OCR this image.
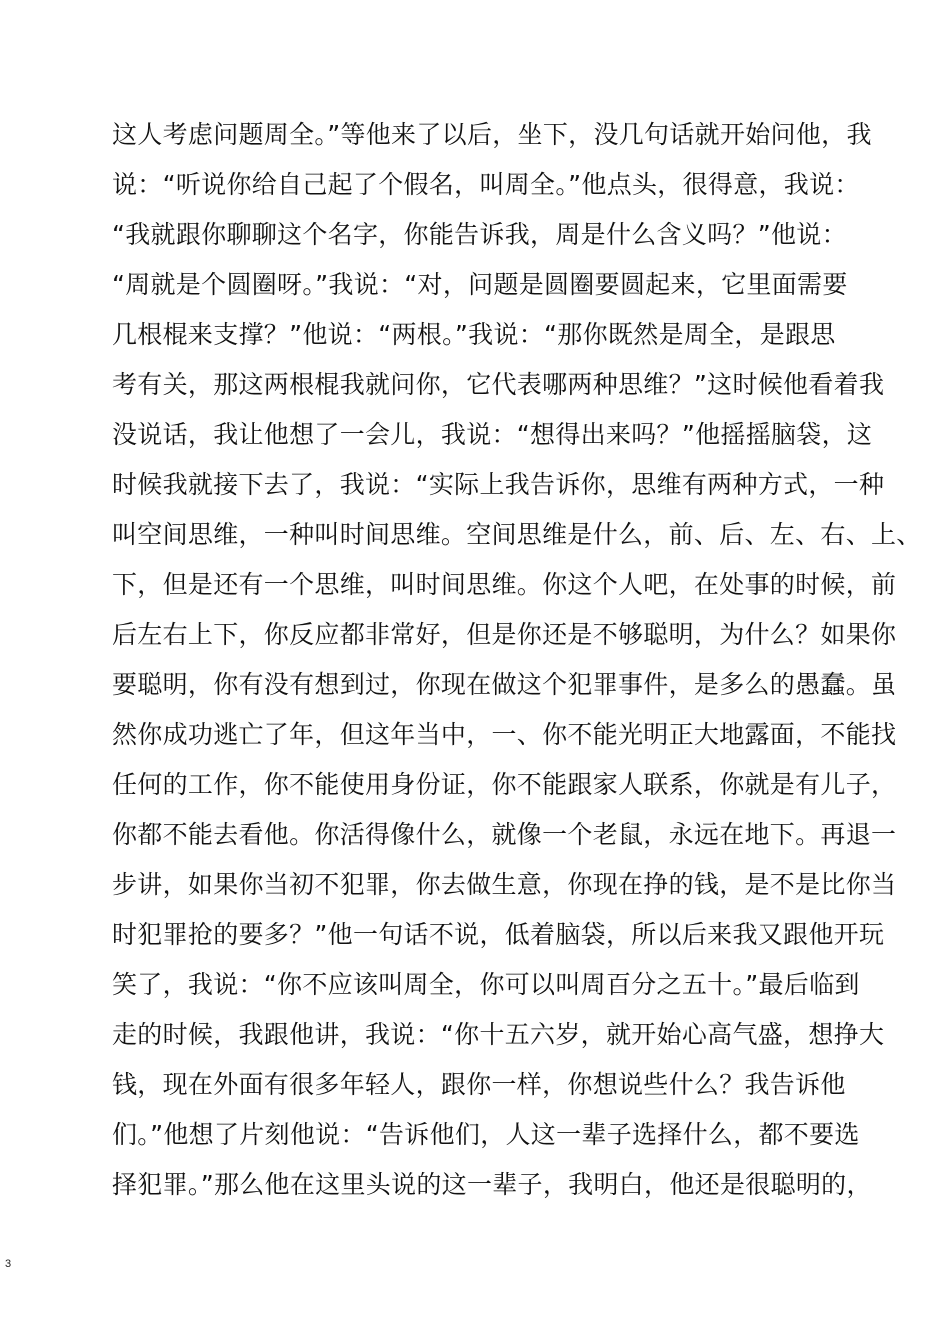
这人考虑问题周全。”等他来了以后，坐下，没几句话就开始问他，我
说：“听说你给自己起了个假名，叫周全。”他点头，很得意，我说：
“我就跟你聊聊这个名字，你能告诉我，周是什么含义吗？”他说：
“周就是个圆圈呀。”我说：“对，问题是圆圈要圆起来，它里面需要
几根棍来支撑？”他说：“两根。”我说：“那你既然是周全，是跟思
考有关，那这两根棍我就问你，它代表哪两种思维？”这时候他看着我
没说话，我让他想了一会儿，我说：“想得出来吗？”他摇摇脑袋，这
时候我就接下去了，我说：“实际上我告诉你，思维有两种方式，一种
叫空间思维，一种叫时间思维。空间思维是什么，前、后、左、右、上、
下，但是还有一个思维，叫时间思维。你这个人吧，在处事的时候，前
后左右上下，你反应都非常好，但是你还是不够聪明，为什么？如果你
要聪明，你有没有想到过，你现在做这个犯罪事件，是多么的愚蠢。虽
然你成功逃亡了年，但这年当中，一、你不能光明正大地露面，不能找
任何的工作，你不能使用身份证，你不能跟家人联系，你就是有儿子，
你都不能去看他。你活得像什么，就像一个老鼠，永远在地下。再退一
步讲，如果你当初不犯罪，你去做生意，你现在挣的钱，是不是比你当
时犯罪抢的要多？”他一句话不说，低着脑袋，所以后来我又跟他开玩
笑了，我说：“你不应该叫周全，你可以叫周百分之五十。”最后临到
走的时候，我跟他讲，我说：“你十五六岁，就开始心高气盛，想挣大
钱，现在外面有很多年轻人，跟你一样，你想说些什么？我告诉他
们。”他想了片刻他说：“告诉他们，人这一辈子选择什么，都不要选
择犯罪。”那么他在这里头说的这一辈子，我明白，他还是很聪明的，
3
